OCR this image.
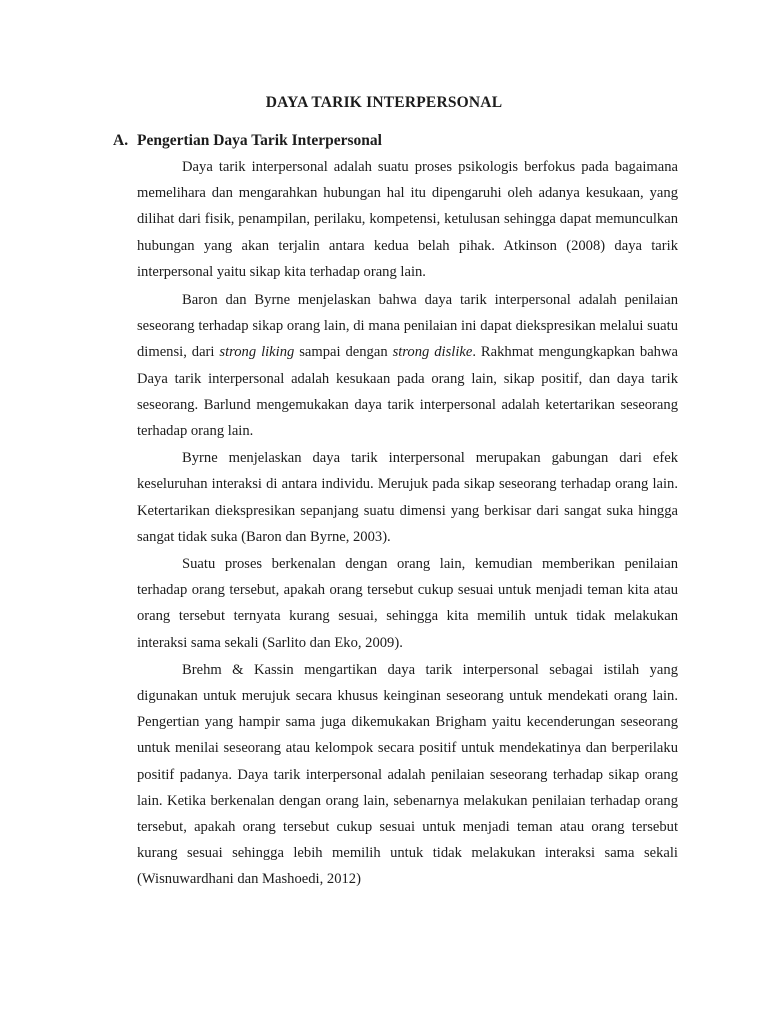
DAYA TARIK INTERPERSONAL
A. Pengertian Daya Tarik Interpersonal

Daya tarik interpersonal adalah suatu proses psikologis berfokus pada bagaimana memelihara dan mengarahkan hubungan hal itu dipengaruhi oleh adanya kesukaan, yang dilihat dari fisik, penampilan, perilaku, kompetensi, ketulusan sehingga dapat memunculkan hubungan yang akan terjalin antara kedua belah pihak. Atkinson (2008) daya tarik interpersonal yaitu sikap kita terhadap orang lain.

Baron dan Byrne menjelaskan bahwa daya tarik interpersonal adalah penilaian seseorang terhadap sikap orang lain, di mana penilaian ini dapat diekspresikan melalui suatu dimensi, dari strong liking sampai dengan strong dislike. Rakhmat mengungkapkan bahwa Daya tarik interpersonal adalah kesukaan pada orang lain, sikap positif, dan daya tarik seseorang. Barlund mengemukakan daya tarik interpersonal adalah ketertarikan seseorang terhadap orang lain.

Byrne menjelaskan daya tarik interpersonal merupakan gabungan dari efek keseluruhan interaksi di antara individu. Merujuk pada sikap seseorang terhadap orang lain. Ketertarikan diekspresikan sepanjang suatu dimensi yang berkisar dari sangat suka hingga sangat tidak suka (Baron dan Byrne, 2003).

Suatu proses berkenalan dengan orang lain, kemudian memberikan penilaian terhadap orang tersebut, apakah orang tersebut cukup sesuai untuk menjadi teman kita atau orang tersebut ternyata kurang sesuai, sehingga kita memilih untuk tidak melakukan interaksi sama sekali (Sarlito dan Eko, 2009).

Brehm & Kassin mengartikan daya tarik interpersonal sebagai istilah yang digunakan untuk merujuk secara khusus keinginan seseorang untuk mendekati orang lain. Pengertian yang hampir sama juga dikemukakan Brigham yaitu kecenderungan seseorang untuk menilai seseorang atau kelompok secara positif untuk mendekatinya dan berperilaku positif padanya. Daya tarik interpersonal adalah penilaian seseorang terhadap sikap orang lain. Ketika berkenalan dengan orang lain, sebenarnya melakukan penilaian terhadap orang tersebut, apakah orang tersebut cukup sesuai untuk menjadi teman atau orang tersebut kurang sesuai sehingga lebih memilih untuk tidak melakukan interaksi sama sekali (Wisnuwardhani dan Mashoedi, 2012)
